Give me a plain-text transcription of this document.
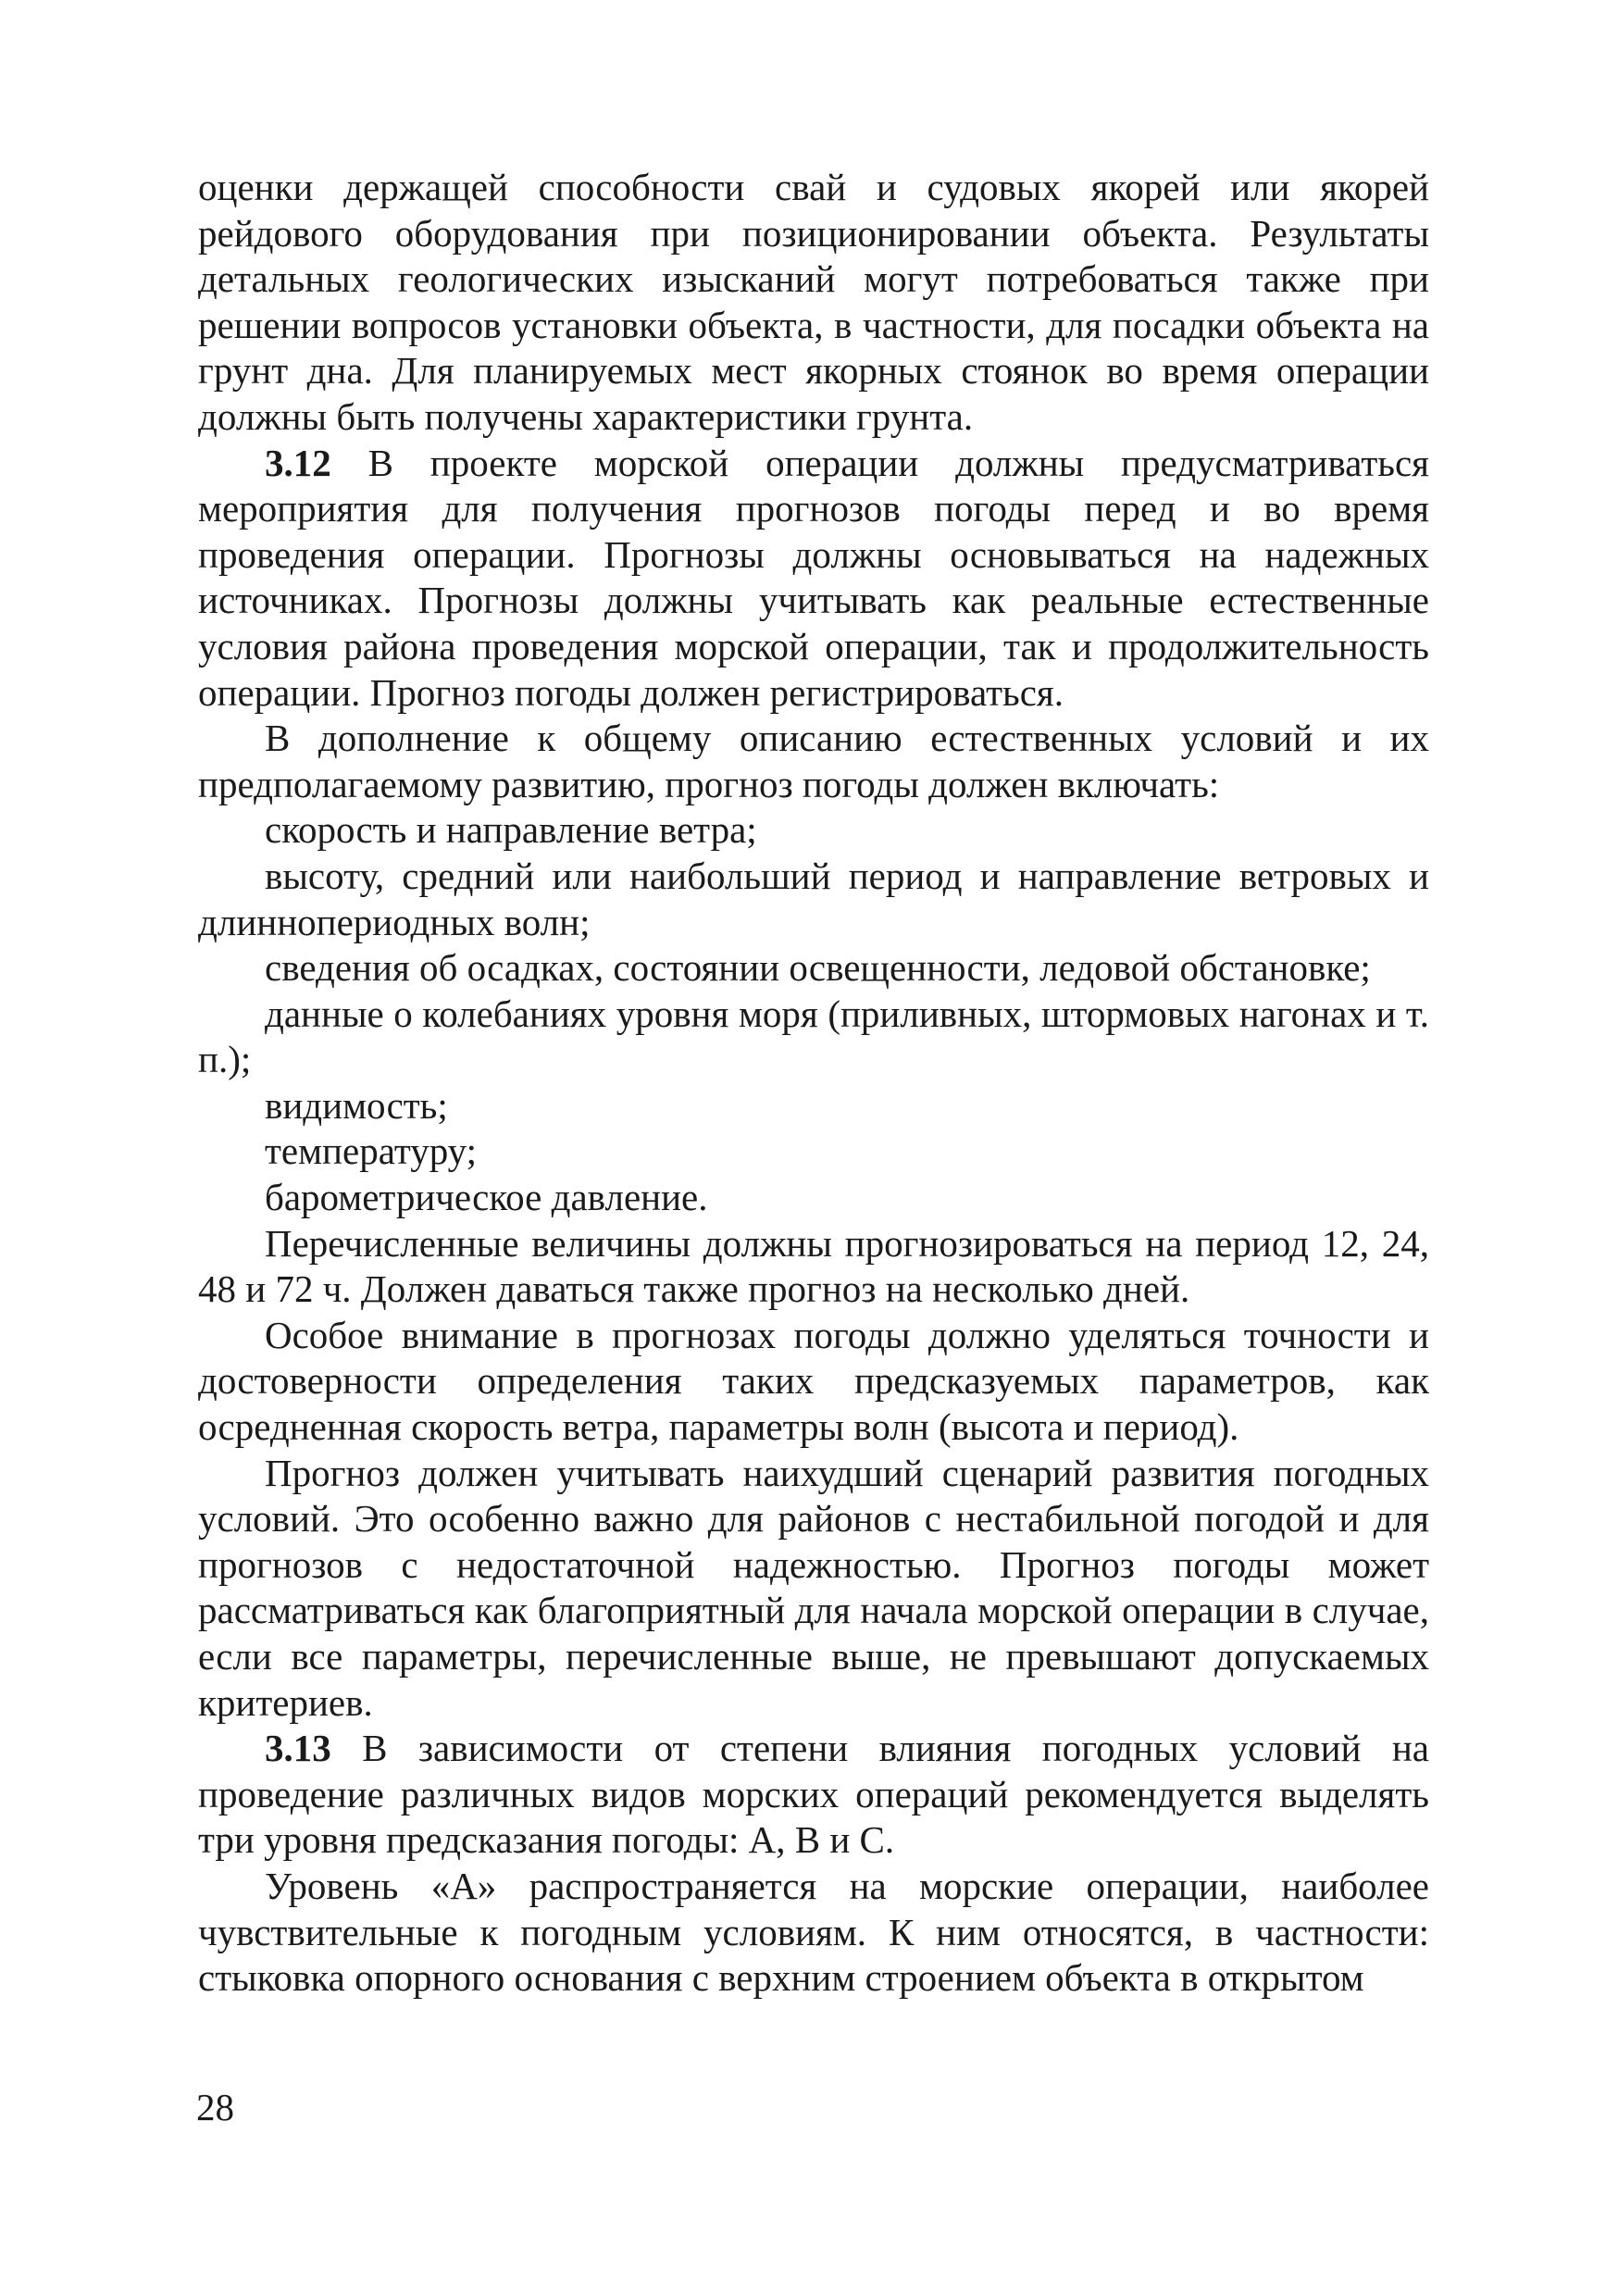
оценки держащей способности свай и судовых якорей или якорей рейдового оборудования при позиционировании объекта. Результаты детальных геологических изысканий могут потребоваться также при решении вопросов установки объекта, в частности, для посадки объекта на грунт дна. Для планируемых мест якорных стоянок во время операции должны быть получены характеристики грунта.

3.12 В проекте морской операции должны предусматриваться мероприятия для получения прогнозов погоды перед и во время проведения операции. Прогнозы должны основываться на надежных источниках. Прогнозы должны учитывать как реальные естественные условия района проведения морской операции, так и продолжительность операции. Прогноз погоды должен регистрироваться.

В дополнение к общему описанию естественных условий и их предполагаемому развитию, прогноз погоды должен включать:

скорость и направление ветра;

высоту, средний или наибольший период и направление ветровых и длиннопериодных волн;

сведения об осадках, состоянии освещенности, ледовой обстановке;

данные о колебаниях уровня моря (приливных, штормовых нагонах и т. п.);

видимость;

температуру;

барометрическое давление.

Перечисленные величины должны прогнозироваться на период 12, 24, 48 и 72 ч. Должен даваться также прогноз на несколько дней.

Особое внимание в прогнозах погоды должно уделяться точности и достоверности определения таких предсказуемых параметров, как осредненная скорость ветра, параметры волн (высота и период).

Прогноз должен учитывать наихудший сценарий развития погодных условий. Это особенно важно для районов с нестабильной погодой и для прогнозов с недостаточной надежностью. Прогноз погоды может рассматриваться как благоприятный для начала морской операции в случае, если все параметры, перечисленные выше, не превышают допускаемых критериев.

3.13 В зависимости от степени влияния погодных условий на проведение различных видов морских операций рекомендуется выделять три уровня предсказания погоды: А, В и С.

Уровень «А» распространяется на морские операции, наиболее чувствительные к погодным условиям. К ним относятся, в частности: стыковка опорного основания с верхним строением объекта в открытом

28
